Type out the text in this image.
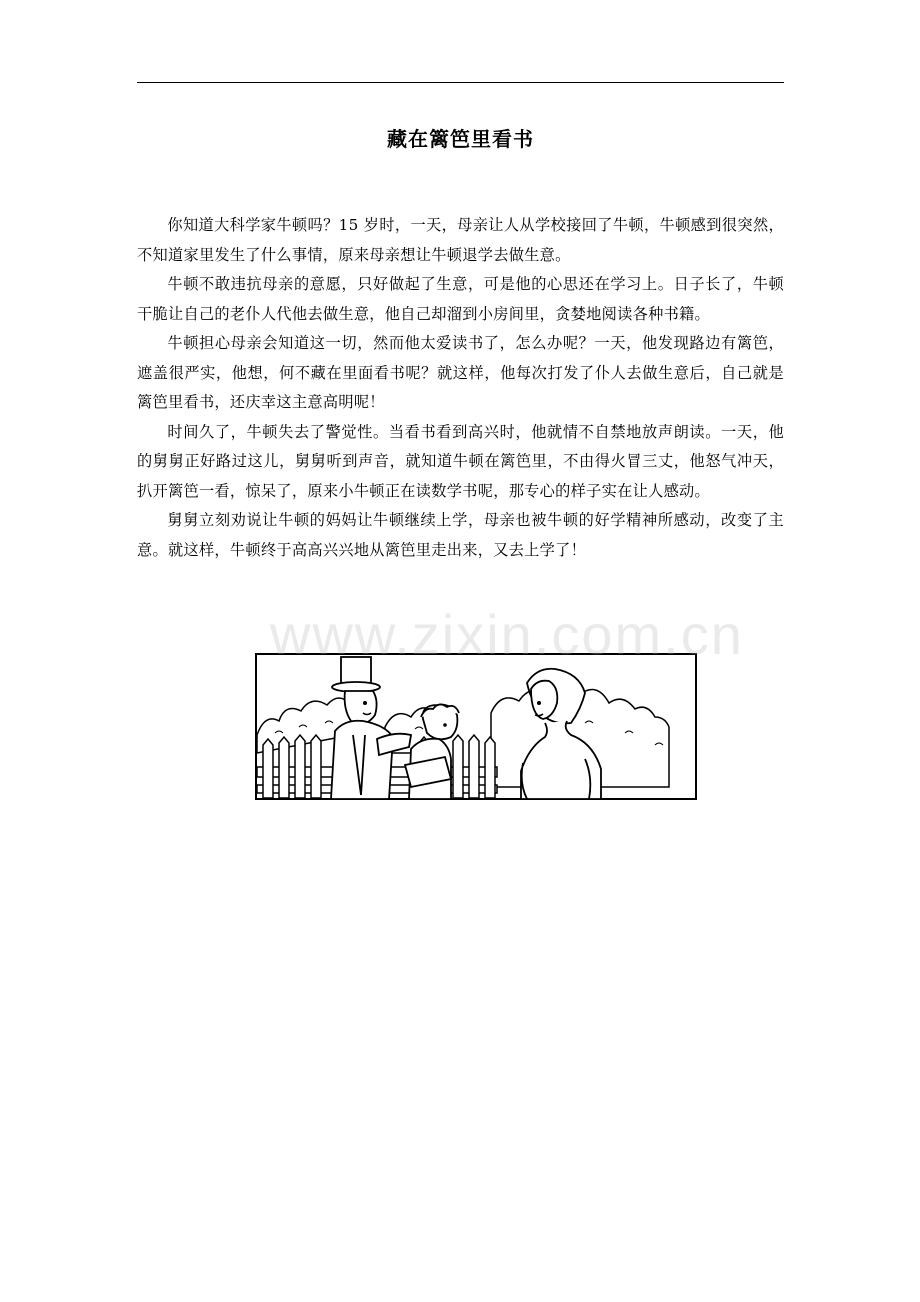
藏在篱笆里看书

你知道大科学家牛顿吗？15 岁时，一天，母亲让人从学校接回了牛顿，牛顿感到很突然，不知道家里发生了什么事情，原来母亲想让牛顿退学去做生意。

牛顿不敢违抗母亲的意愿，只好做起了生意，可是他的心思还在学习上。日子长了，牛顿干脆让自己的老仆人代他去做生意，他自己却溜到小房间里，贪婪地阅读各种书籍。

牛顿担心母亲会知道这一切，然而他太爱读书了，怎么办呢？一天，他发现路边有篱笆，遮盖很严实，他想，何不藏在里面看书呢？就这样，他每次打发了仆人去做生意后，自己就是篱笆里看书，还庆幸这主意高明呢！

时间久了，牛顿失去了警觉性。当看书看到高兴时，他就情不自禁地放声朗读。一天，他的舅舅正好路过这儿，舅舅听到声音，就知道牛顿在篱笆里，不由得火冒三丈，他怒气冲天，扒开篱笆一看，惊呆了，原来小牛顿正在读数学书呢，那专心的样子实在让人感动。

舅舅立刻劝说让牛顿的妈妈让牛顿继续上学，母亲也被牛顿的好学精神所感动，改变了主意。就这样，牛顿终于高高兴兴地从篱笆里走出来，又去上学了！

www.zixin.com.cn
